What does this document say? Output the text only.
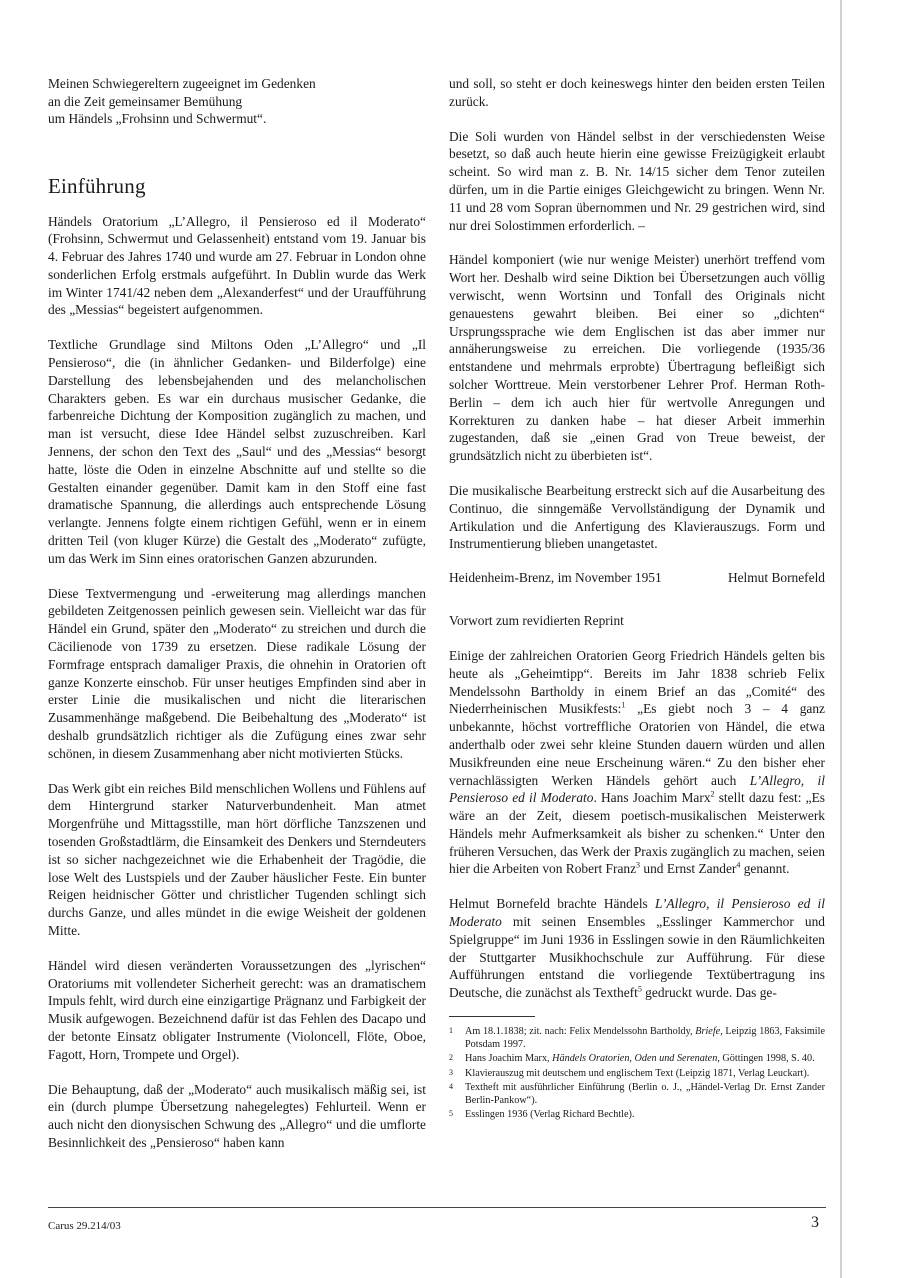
Meinen Schwiegereltern zugeeignet im Gedenken

an die Zeit gemeinsamer Bemühung

um Händels „Frohsinn und Schwermut“.

Einführung

Händels Oratorium „L’Allegro, il Pensieroso ed il Moderato“ (Frohsinn, Schwermut und Gelassenheit) entstand vom 19. Januar bis 4. Februar des Jahres 1740 und wurde am 27. Februar in London ohne sonderlichen Erfolg erstmals aufgeführt. In Dublin wurde das Werk im Winter 1741/42 neben dem „Alexanderfest“ und der Uraufführung des „Messias“ begeistert aufgenommen.

Textliche Grundlage sind Miltons Oden „L’Allegro“ und „Il Pensieroso“, die (in ähnlicher Gedanken- und Bilderfolge) eine Darstellung des lebensbejahenden und des melancholischen Charakters geben. Es war ein durchaus musischer Gedanke, die farbenreiche Dichtung der Komposition zugänglich zu machen, und man ist versucht, diese Idee Händel selbst zuzuschreiben. Karl Jennens, der schon den Text des „Saul“ und des „Messias“ besorgt hatte, löste die Oden in einzelne Abschnitte auf und stellte so die Gestalten einander gegenüber. Damit kam in den Stoff eine fast dramatische Spannung, die allerdings auch entsprechende Lösung verlangte. Jennens folgte einem richtigen Gefühl, wenn er in einem dritten Teil (von kluger Kürze) die Gestalt des „Moderato“ zufügte, um das Werk im Sinn eines oratorischen Ganzen abzurunden.

Diese Textvermengung und -erweiterung mag allerdings manchen gebildeten Zeitgenossen peinlich gewesen sein. Vielleicht war das für Händel ein Grund, später den „Moderato“ zu streichen und durch die Cäcilienode von 1739 zu ersetzen. Diese radikale Lösung der Formfrage entsprach damaliger Praxis, die ohnehin in Oratorien oft ganze Konzerte einschob. Für unser heutiges Empfinden sind aber in erster Linie die musikalischen und nicht die literarischen Zusammenhänge maßgebend. Die Beibehaltung des „Moderato“ ist deshalb grundsätzlich richtiger als die Zufügung eines zwar sehr schönen, in diesem Zusammenhang aber nicht motivierten Stücks.

Das Werk gibt ein reiches Bild menschlichen Wollens und Fühlens auf dem Hintergrund starker Naturverbundenheit. Man atmet Morgenfrühe und Mittagsstille, man hört dörfliche Tanzszenen und tosenden Großstadtlärm, die Einsamkeit des Denkers und Sterndeuters ist so sicher nachgezeichnet wie die Erhabenheit der Tragödie, die lose Welt des Lustspiels und der Zauber häuslicher Feste. Ein bunter Reigen heidnischer Götter und christlicher Tugenden schlingt sich durchs Ganze, und alles mündet in die ewige Weisheit der goldenen Mitte.

Händel wird diesen veränderten Voraussetzungen des „lyrischen“ Oratoriums mit vollendeter Sicherheit gerecht: was an dramatischem Impuls fehlt, wird durch eine einzigartige Prägnanz und Farbigkeit der Musik aufgewogen. Bezeichnend dafür ist das Fehlen des Dacapo und der betonte Einsatz obligater Instrumente (Violoncell, Flöte, Oboe, Fagott, Horn, Trompete und Orgel).

Die Behauptung, daß der „Moderato“ auch musikalisch mäßig sei, ist ein (durch plumpe Übersetzung nahegelegtes) Fehlurteil. Wenn er auch nicht den dionysischen Schwung des „Allegro“ und die umflorte Besinnlichkeit des „Pensieroso“ haben kann

und soll, so steht er doch keineswegs hinter den beiden ersten Teilen zurück.

Die Soli wurden von Händel selbst in der verschiedensten Weise besetzt, so daß auch heute hierin eine gewisse Freizügigkeit erlaubt scheint. So wird man z. B. Nr. 14/15 sicher dem Tenor zuteilen dürfen, um in die Partie einiges Gleichgewicht zu bringen. Wenn Nr. 11 und 28 vom Sopran übernommen und Nr. 29 gestrichen wird, sind nur drei Solostimmen erforderlich. –

Händel komponiert (wie nur wenige Meister) unerhört treffend vom Wort her. Deshalb wird seine Diktion bei Übersetzungen auch völlig verwischt, wenn Wortsinn und Tonfall des Originals nicht genauestens gewahrt bleiben. Bei einer so „dichten“ Ursprungssprache wie dem Englischen ist das aber immer nur annäherungsweise zu erreichen. Die vorliegende (1935/36 entstandene und mehrmals erprobte) Übertragung befleißigt sich solcher Worttreue. Mein verstorbener Lehrer Prof. Herman Roth-Berlin – dem ich auch hier für wertvolle Anregungen und Korrekturen zu danken habe – hat dieser Arbeit immerhin zugestanden, daß sie „einen Grad von Treue beweist, der grundsätzlich nicht zu überbieten ist“.

Die musikalische Bearbeitung erstreckt sich auf die Ausarbeitung des Continuo, die sinngemäße Vervollständigung der Dynamik und Artikulation und die Anfertigung des Klavierauszugs. Form und Instrumentierung blieben unangetastet.

Heidenheim-Brenz, im November 1951	Helmut Bornefeld

Vorwort zum revidierten Reprint

Einige der zahlreichen Oratorien Georg Friedrich Händels gelten bis heute als „Geheimtipp“. Bereits im Jahr 1838 schrieb Felix Mendelssohn Bartholdy in einem Brief an das „Comité“ des Niederrheinischen Musikfests:$^1$ „Es giebt noch 3 – 4 ganz unbekannte, höchst vortreffliche Oratorien von Händel, die etwa anderthalb oder zwei sehr kleine Stunden dauern würden und allen Musikfreunden eine neue Erscheinung wären.“ Zu den bisher eher vernachlässigten Werken Händels gehört auch L’Allegro, il Pensieroso ed il Moderato. Hans Joachim Marx$^2$ stellt dazu fest: „Es wäre an der Zeit, diesem poetisch-musikalischen Meisterwerk Händels mehr Aufmerksamkeit als bisher zu schenken.“ Unter den früheren Versuchen, das Werk der Praxis zugänglich zu machen, seien hier die Arbeiten von Robert Franz$^3$ und Ernst Zander$^4$ genannt.

Helmut Bornefeld brachte Händels L’Allegro, il Pensieroso ed il Moderato mit seinen Ensembles „Esslinger Kammerchor und Spielgruppe“ im Juni 1936 in Esslingen sowie in den Räumlichkeiten der Stuttgarter Musikhochschule zur Aufführung. Für diese Aufführungen entstand die vorliegende Textübertragung ins Deutsche, die zunächst als Textheft$^5$ gedruckt wurde. Das ge-

1	Am 18.1.1838; zit. nach: Felix Mendelssohn Bartholdy, Briefe, Leipzig 1863, Faksimile Potsdam 1997.
2	Hans Joachim Marx, Händels Oratorien, Oden und Serenaten, Göttingen 1998, S. 40.
3	Klavierauszug mit deutschem und englischem Text (Leipzig 1871, Verlag Leuckart).
4	Textheft mit ausführlicher Einführung (Berlin o. J., „Händel-Verlag Dr. Ernst Zander Berlin-Pankow“).
5	Esslingen 1936 (Verlag Richard Bechtle).
Carus 29.214/03	3
